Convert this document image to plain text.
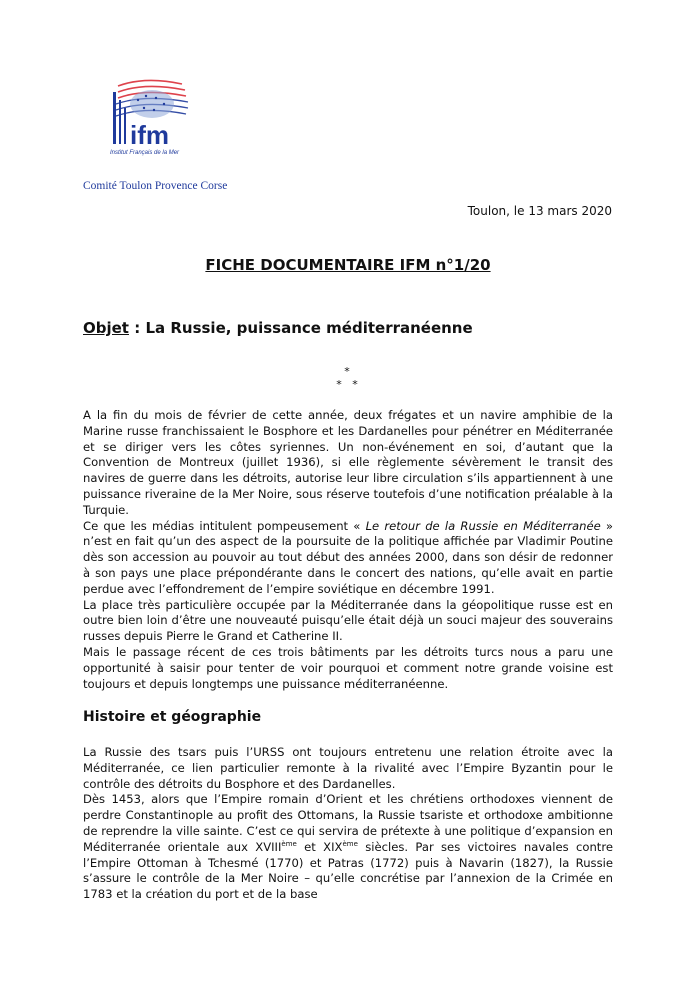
ifm
Institut Français de la Mer
Comité Toulon Provence Corse
Toulon, le 13 mars 2020
FICHE DOCUMENTAIRE IFM n°1/20
Objet : La Russie, puissance méditerranéenne
*
*   *

A la fin du mois de février de cette année, deux frégates et un navire amphibie de la Marine russe franchissaient le Bosphore et les Dardanelles pour pénétrer en Méditerranée et se diriger vers les côtes syriennes. Un non-événement en soi, d’autant que la Convention de Montreux (juillet 1936), si elle règlemente sévèrement le transit des navires de guerre dans les détroits, autorise leur libre circulation s’ils appartiennent à une puissance riveraine de la Mer Noire, sous réserve toutefois d’une notification préalable à la Turquie.

Ce que les médias intitulent pompeusement « Le retour de la Russie en Méditerranée » n’est en fait qu’un des aspect de la poursuite de la politique affichée par Vladimir Poutine dès son accession au pouvoir au tout début des années 2000, dans son désir de redonner à son pays une place prépondérante dans le concert des nations, qu’elle avait en partie perdue avec l’effondrement de l’empire soviétique en décembre 1991.

La place très particulière occupée par la Méditerranée dans la géopolitique russe est en outre bien loin d’être une nouveauté puisqu’elle était déjà un souci majeur des souverains russes depuis Pierre le Grand et Catherine II.

Mais le passage récent de ces trois bâtiments par les détroits turcs nous a paru une opportunité à saisir pour tenter de voir pourquoi et comment notre grande voisine est toujours et depuis longtemps une puissance méditerranéenne.

Histoire et géographie

La Russie des tsars puis l’URSS ont toujours entretenu une relation étroite avec la Méditerranée, ce lien particulier remonte à la rivalité avec l’Empire Byzantin pour le contrôle des détroits du Bosphore et des Dardanelles.

Dès 1453, alors que l’Empire romain d’Orient et les chrétiens orthodoxes viennent de perdre Constantinople au profit des Ottomans, la Russie tsariste et orthodoxe ambitionne de reprendre la ville sainte. C’est ce qui servira de prétexte à une politique d’expansion en Méditerranée orientale aux XVIIIème et XIXème siècles. Par ses victoires navales contre l’Empire Ottoman à Tchesmé (1770) et Patras (1772) puis à Navarin (1827), la Russie s’assure le contrôle de la Mer Noire – qu’elle concrétise par l’annexion de la Crimée en 1783 et la création du port et de la base
